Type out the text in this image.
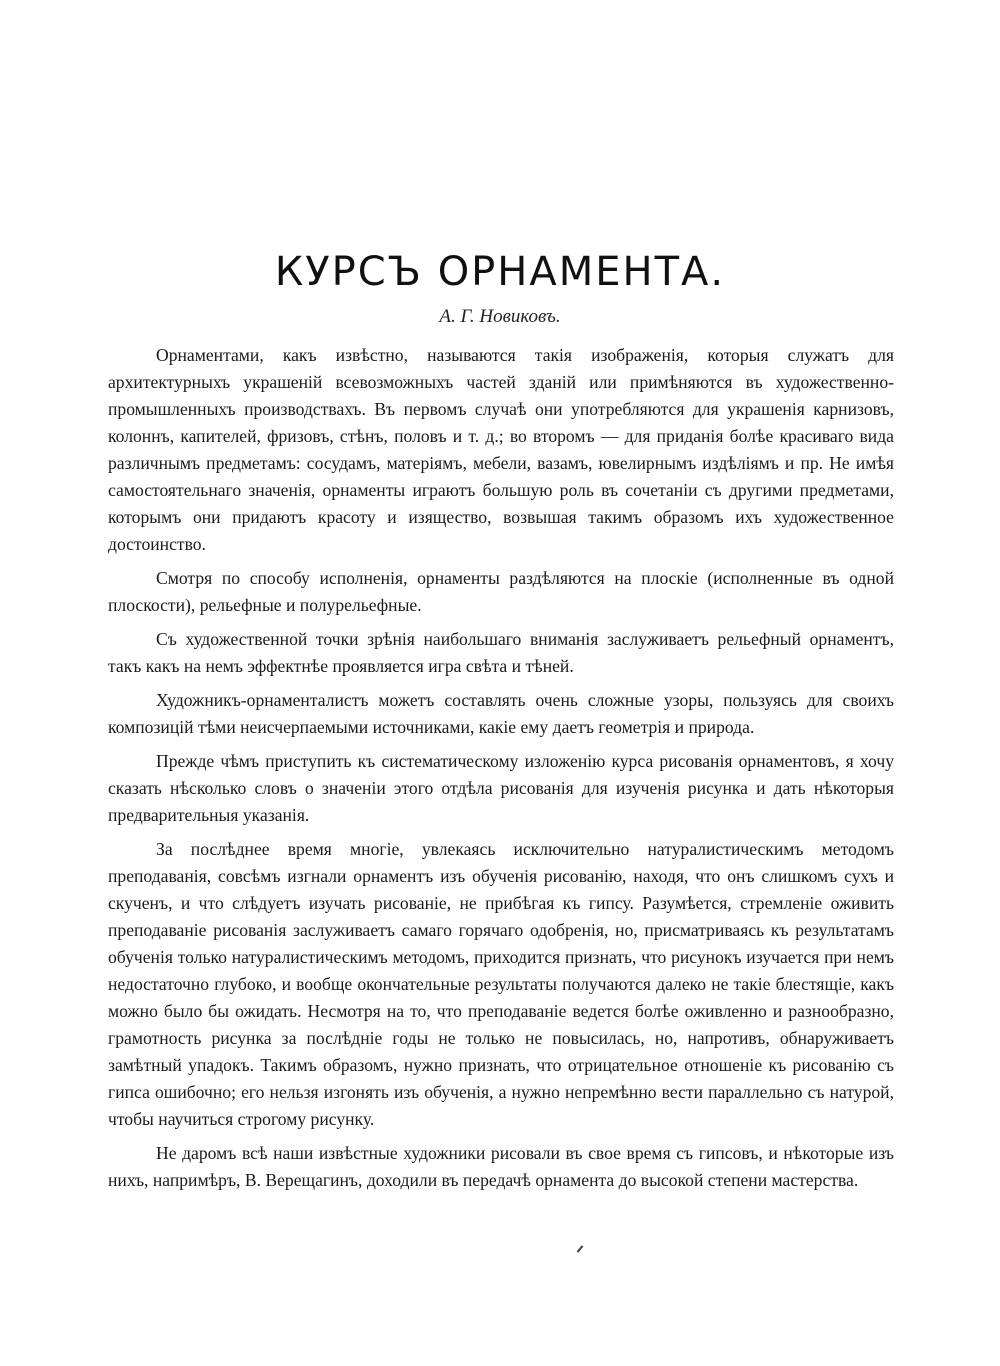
КУРСЪ ОРНАМЕНТА.
А. Г. Новиковъ.

Орнаментами, какъ извѣстно, называются такія изображенія, которыя служатъ для архитектурныхъ украшеній всевозможныхъ частей зданій или примѣняются въ художественно-промышленныхъ производствахъ. Въ первомъ случаѣ они употребляются для украшенія карнизовъ, колоннъ, капителей, фризовъ, стѣнъ, половъ и т. д.; во второмъ — для приданія болѣе красиваго вида различнымъ предметамъ: сосудамъ, матеріямъ, мебели, вазамъ, ювелирнымъ издѣліямъ и пр. Не имѣя самостоятельнаго значенія, орнаменты играютъ большую роль въ сочетаніи съ другими предметами, которымъ они придаютъ красоту и изящество, возвышая такимъ образомъ ихъ художественное достоинство.

Смотря по способу исполненія, орнаменты раздѣляются на плоскіе (исполненные въ одной плоскости), рельефные и полурельефные.

Съ художественной точки зрѣнія наибольшаго вниманія заслуживаетъ рельефный орнаментъ, такъ какъ на немъ эффектнѣе проявляется игра свѣта и тѣней.

Художникъ-орнаменталистъ можетъ составлять очень сложные узоры, пользуясь для своихъ композицій тѣми неисчерпаемыми источниками, какіе ему даетъ геометрія и природа.

Прежде чѣмъ приступить къ систематическому изложенію курса рисованія орнаментовъ, я хочу сказать нѣсколько словъ о значеніи этого отдѣла рисованія для изученія рисунка и дать нѣкоторыя предварительныя указанія.

За послѣднее время многіе, увлекаясь исключительно натуралистическимъ методомъ преподаванія, совсѣмъ изгнали орнаментъ изъ обученія рисованію, находя, что онъ слишкомъ сухъ и скученъ, и что слѣдуетъ изучать рисованіе, не прибѣгая къ гипсу. Разумѣется, стремленіе оживить преподаваніе рисованія заслуживаетъ самаго горячаго одобренія, но, присматриваясь къ результатамъ обученія только натуралистическимъ методомъ, приходится признать, что рисунокъ изучается при немъ недостаточно глубоко, и вообще окончательные результаты получаются далеко не такіе блестящіе, какъ можно было бы ожидать. Несмотря на то, что преподаваніе ведется болѣе оживленно и разнообразно, грамотность рисунка за послѣдніе годы не только не повысилась, но, напротивъ, обнаруживаетъ замѣтный упадокъ. Такимъ образомъ, нужно признать, что отрицательное отношеніе къ рисованію съ гипса ошибочно; его нельзя изгонять изъ обученія, а нужно непремѣнно вести параллельно съ натурой, чтобы научиться строгому рисунку.

Не даромъ всѣ наши извѣстные художники рисовали въ свое время съ гипсовъ, и нѣкоторые изъ нихъ, напримѣръ, В. Верещагинъ, доходили въ передачѣ орнамента до высокой степени мастерства.
